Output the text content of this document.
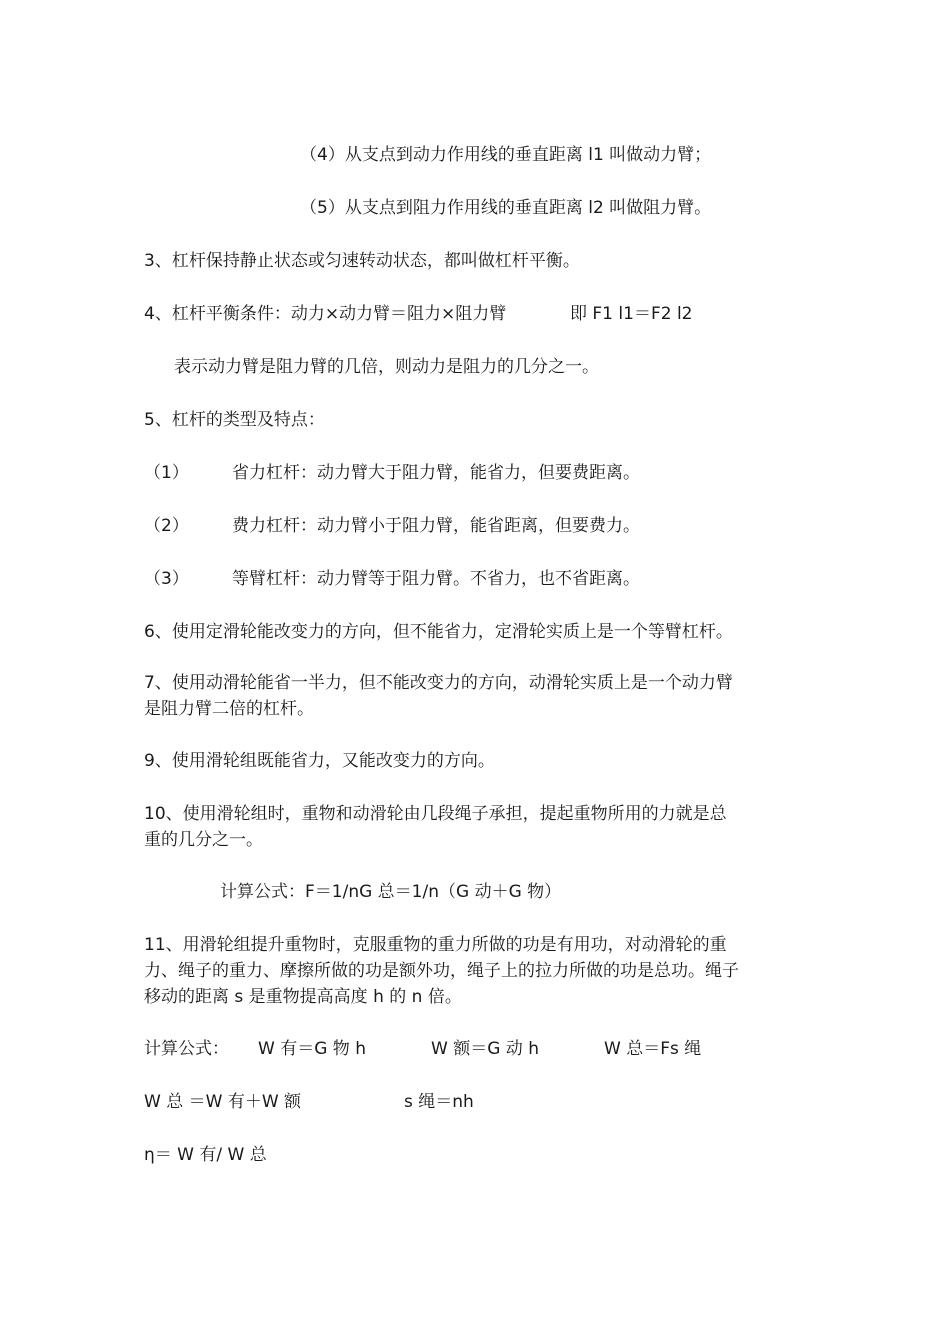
（4）从支点到动力作用线的垂直距离 l1 叫做动力臂；
（5）从支点到阻力作用线的垂直距离 l2 叫做阻力臂。
3、杠杆保持静止状态或匀速转动状态，都叫做杠杆平衡。
4、杠杆平衡条件：动力×动力臂＝阻力×阻力臂	即 F1 l1＝F2 l2
表示动力臂是阻力臂的几倍，则动力是阻力的几分之一。
5、杠杆的类型及特点：
（1）	省力杠杆：动力臂大于阻力臂，能省力，但要费距离。
（2）	费力杠杆：动力臂小于阻力臂，能省距离，但要费力。
（3）	等臂杠杆：动力臂等于阻力臂。不省力，也不省距离。
6、使用定滑轮能改变力的方向，但不能省力，定滑轮实质上是一个等臂杠杆。
7、使用动滑轮能省一半力，但不能改变力的方向，动滑轮实质上是一个动力臂
是阻力臂二倍的杠杆。
9、使用滑轮组既能省力，又能改变力的方向。
10、使用滑轮组时，重物和动滑轮由几段绳子承担，提起重物所用的力就是总
重的几分之一。
计算公式：F＝1/nG 总＝1/n（G 动＋G 物）
11、用滑轮组提升重物时，克服重物的重力所做的功是有用功，对动滑轮的重
力、绳子的重力、摩擦所做的功是额外功，绳子上的拉力所做的功是总功。绳子
移动的距离 s 是重物提高高度 h 的 n 倍。
计算公式： W 有＝G 物 h	W 额＝G 动 h	W 总＝Fs 绳
W 总 ＝W 有＋W 额	s 绳＝nh
η＝ W 有/ W 总
